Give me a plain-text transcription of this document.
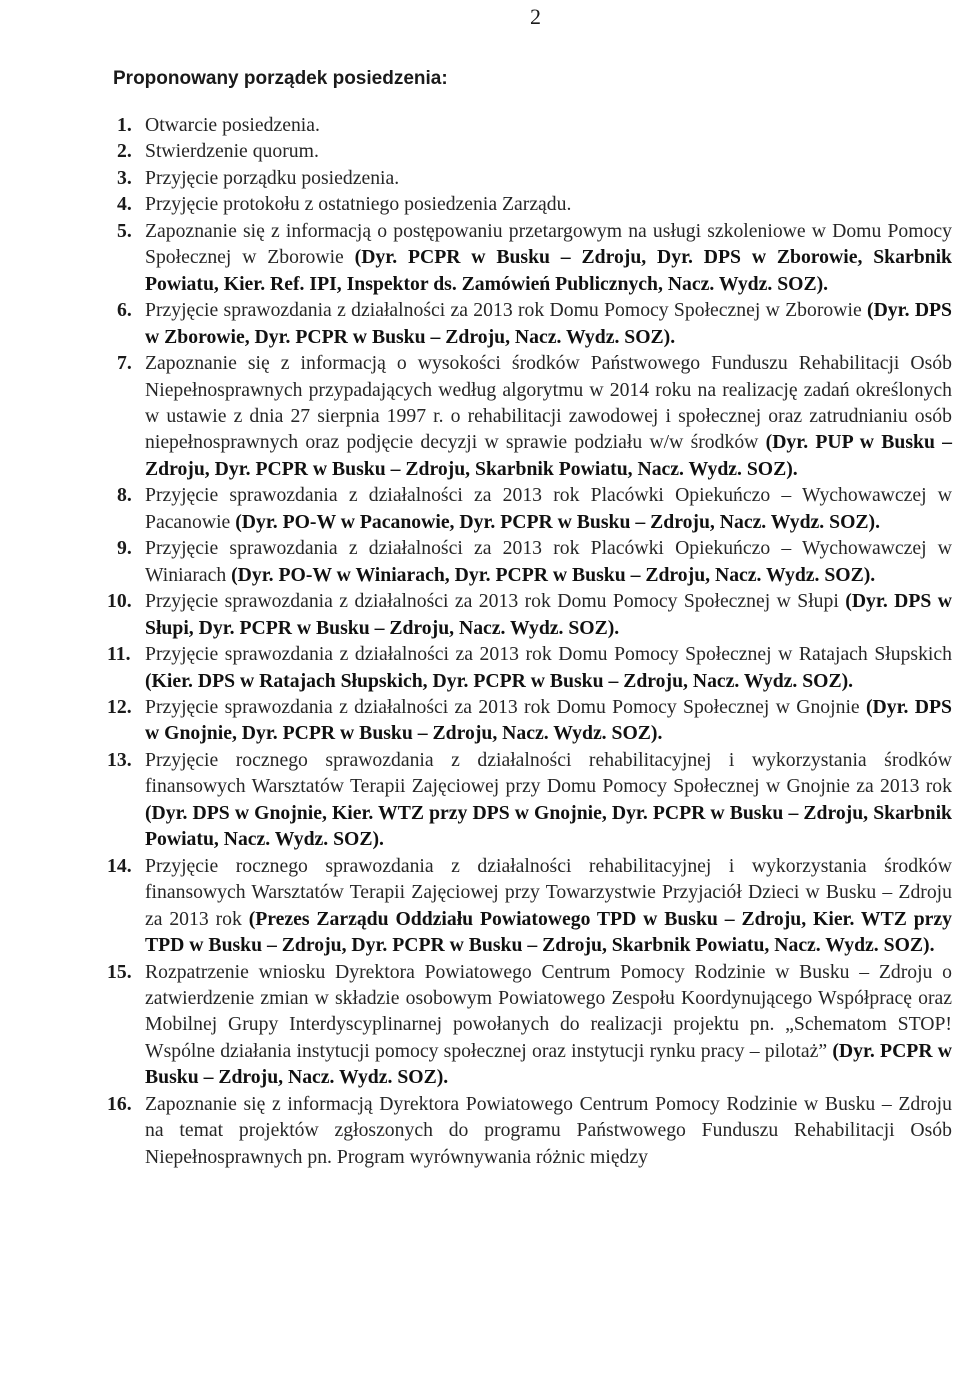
2
Proponowany porządek posiedzenia:
1. Otwarcie posiedzenia.
2. Stwierdzenie quorum.
3. Przyjęcie porządku posiedzenia.
4. Przyjęcie protokołu z ostatniego posiedzenia Zarządu.
5. Zapoznanie się z informacją o postępowaniu przetargowym na usługi szkoleniowe w Domu Pomocy Społecznej w Zborowie (Dyr. PCPR w Busku – Zdroju, Dyr. DPS w Zborowie, Skarbnik Powiatu, Kier. Ref. IPI, Inspektor ds. Zamówień Publicznych, Nacz. Wydz. SOZ).
6. Przyjęcie sprawozdania z działalności za 2013 rok Domu Pomocy Społecznej w Zborowie (Dyr. DPS w Zborowie, Dyr. PCPR w Busku – Zdroju, Nacz. Wydz. SOZ).
7. Zapoznanie się z informacją o wysokości środków Państwowego Funduszu Rehabilitacji Osób Niepełnosprawnych przypadających według algorytmu w 2014 roku na realizację zadań określonych w ustawie z dnia 27 sierpnia 1997 r. o rehabilitacji zawodowej i społecznej oraz zatrudnianiu osób niepełnosprawnych oraz podjęcie decyzji w sprawie podziału w/w środków (Dyr. PUP w Busku – Zdroju, Dyr. PCPR w Busku – Zdroju, Skarbnik Powiatu, Nacz. Wydz. SOZ).
8. Przyjęcie sprawozdania z działalności za 2013 rok Placówki Opiekuńczo – Wychowawczej w Pacanowie (Dyr. PO-W w Pacanowie, Dyr. PCPR w Busku – Zdroju, Nacz. Wydz. SOZ).
9. Przyjęcie sprawozdania z działalności za 2013 rok Placówki Opiekuńczo – Wychowawczej w Winiarach (Dyr. PO-W w Winiarach, Dyr. PCPR w Busku – Zdroju, Nacz. Wydz. SOZ).
10. Przyjęcie sprawozdania z działalności za 2013 rok Domu Pomocy Społecznej w Słupi (Dyr. DPS w Słupi, Dyr. PCPR w Busku – Zdroju, Nacz. Wydz. SOZ).
11. Przyjęcie sprawozdania z działalności za 2013 rok Domu Pomocy Społecznej w Ratajach Słupskich (Kier. DPS w Ratajach Słupskich, Dyr. PCPR w Busku – Zdroju, Nacz. Wydz. SOZ).
12. Przyjęcie sprawozdania z działalności za 2013 rok Domu Pomocy Społecznej w Gnojnie (Dyr. DPS w Gnojnie, Dyr. PCPR w Busku – Zdroju, Nacz. Wydz. SOZ).
13. Przyjęcie rocznego sprawozdania z działalności rehabilitacyjnej i wykorzystania środków finansowych Warsztatów Terapii Zajęciowej przy Domu Pomocy Społecznej w Gnojnie za 2013 rok (Dyr. DPS w Gnojnie, Kier. WTZ przy DPS w Gnojnie, Dyr. PCPR w Busku – Zdroju, Skarbnik Powiatu, Nacz. Wydz. SOZ).
14. Przyjęcie rocznego sprawozdania z działalności rehabilitacyjnej i wykorzystania środków finansowych Warsztatów Terapii Zajęciowej przy Towarzystwie Przyjaciół Dzieci w Busku – Zdroju za 2013 rok (Prezes Zarządu Oddziału Powiatowego TPD w Busku – Zdroju, Kier. WTZ przy TPD w Busku – Zdroju, Dyr. PCPR w Busku – Zdroju, Skarbnik Powiatu, Nacz. Wydz. SOZ).
15. Rozpatrzenie wniosku Dyrektora Powiatowego Centrum Pomocy Rodzinie w Busku – Zdroju o zatwierdzenie zmian w składzie osobowym Powiatowego Zespołu Koordynującego Współpracę oraz Mobilnej Grupy Interdyscyplinarnej powołanych do realizacji projektu pn. „Schematom STOP! Wspólne działania instytucji pomocy społecznej oraz instytucji rynku pracy – pilotaż” (Dyr. PCPR w Busku – Zdroju, Nacz. Wydz. SOZ).
16. Zapoznanie się z informacją Dyrektora Powiatowego Centrum Pomocy Rodzinie w Busku – Zdroju na temat projektów zgłoszonych do programu Państwowego Funduszu Rehabilitacji Osób Niepełnosprawnych pn. Program wyrównywania różnic między
